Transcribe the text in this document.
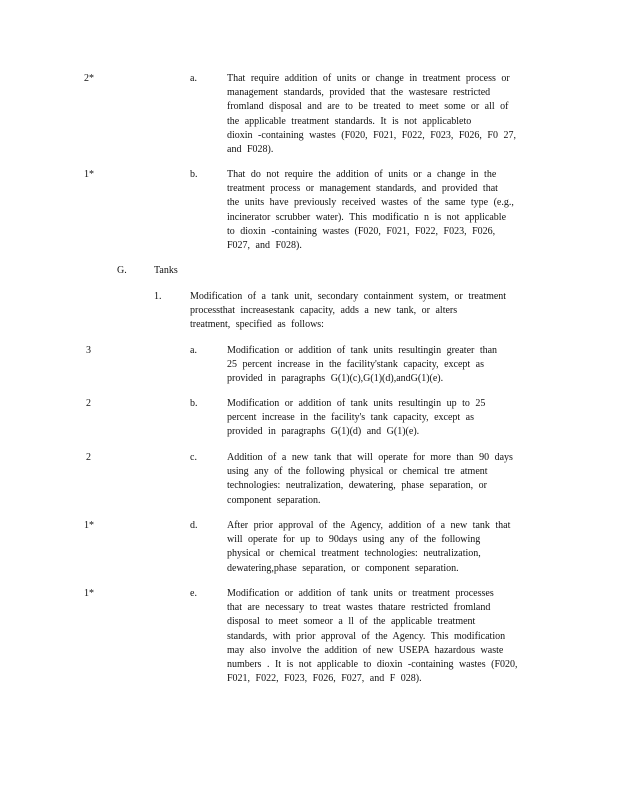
2*	a.	That require addition of units or change in treatment process or
management standards, provided that the wastesare restricted
fromland disposal and are to be treated to meet some or all of
the applicable treatment standards. It is not applicableto
dioxin -containing wastes (F020, F021, F022, F023, F026, F0 27,
and F028).
1*	b.	That do not require the addition of units or a change in the
treatment process or management standards, and provided that
the units have previously received wastes of the same type (e.g.,
incinerator scrubber water). This modificatio n is not applicable
to dioxin -containing wastes (F020, F021, F022, F023, F026,
F027, and F028).
G.	Tanks
1.	Modification of a tank unit, secondary containment system, or treatment
processthat increasestank capacity, adds a new tank, or alters
treatment, specified as follows:
3	a.	Modification or addition of tank units resultingin greater than
25 percent increase in the facility'stank capacity, except as
provided in paragraphs G(1)(c),G(1)(d),andG(1)(e).
2	b.	Modification or addition of tank units resultingin up to 25
percent increase in the facility's tank capacity, except as
provided in paragraphs G(1)(d) and G(1)(e).
2	c.	Addition of a new tank that will operate for more than 90 days
using any of the following physical or chemical tre atment
technologies: neutralization, dewatering, phase separation, or
component separation.
1*	d.	After prior approval of the Agency, addition of a new tank that
will operate for up to 90days using any of the following
physical or chemical treatment technologies: neutralization,
dewatering,phase separation, or component separation.
1*	e.	Modification or addition of tank units or treatment processes
that are necessary to treat wastes thatare restricted fromland
disposal to meet someor a ll of the applicable treatment
standards, with prior approval of the Agency. This modification
may also involve the addition of new USEPA hazardous waste
numbers . It is not applicable to dioxin -containing wastes (F020,
F021, F022, F023, F026, F027, and F 028).
